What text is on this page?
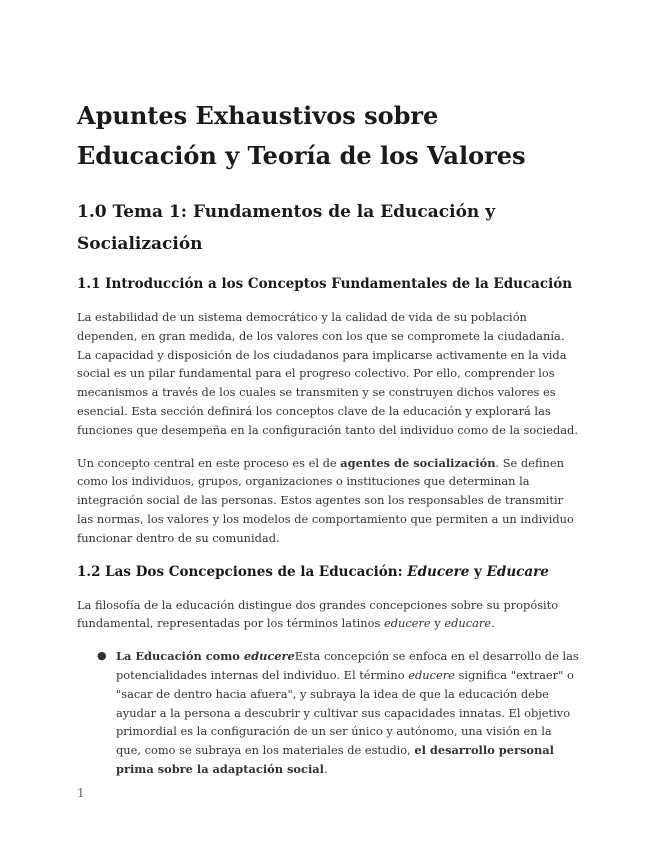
Apuntes Exhaustivos sobre Educación y Teoría de los Valores
1.0 Tema 1: Fundamentos de la Educación y Socialización
1.1 Introducción a los Conceptos Fundamentales de la Educación

La estabilidad de un sistema democrático y la calidad de vida de su población dependen, en gran medida, de los valores con los que se compromete la ciudadanía. La capacidad y disposición de los ciudadanos para implicarse activamente en la vida social es un pilar fundamental para el progreso colectivo. Por ello, comprender los mecanismos a través de los cuales se transmiten y se construyen dichos valores es esencial. Esta sección definirá los conceptos clave de la educación y explorará las funciones que desempeña en la configuración tanto del individuo como de la sociedad.

Un concepto central en este proceso es el de agentes de socialización. Se definen como los individuos, grupos, organizaciones o instituciones que determinan la integración social de las personas. Estos agentes son los responsables de transmitir las normas, los valores y los modelos de comportamiento que permiten a un individuo funcionar dentro de su comunidad.

1.2 Las Dos Concepciones de la Educación: Educere y Educare

La filosofía de la educación distingue dos grandes concepciones sobre su propósito fundamental, representadas por los términos latinos educere y educare.

● La Educación como educereEsta concepción se enfoca en el desarrollo de las potencialidades internas del individuo. El término educere significa "extraer" o "sacar de dentro hacia afuera", y subraya la idea de que la educación debe ayudar a la persona a descubrir y cultivar sus capacidades innatas. El objetivo primordial es la configuración de un ser único y autónomo, una visión en la que, como se subraya en los materiales de estudio, el desarrollo personal prima sobre la adaptación social.
1
